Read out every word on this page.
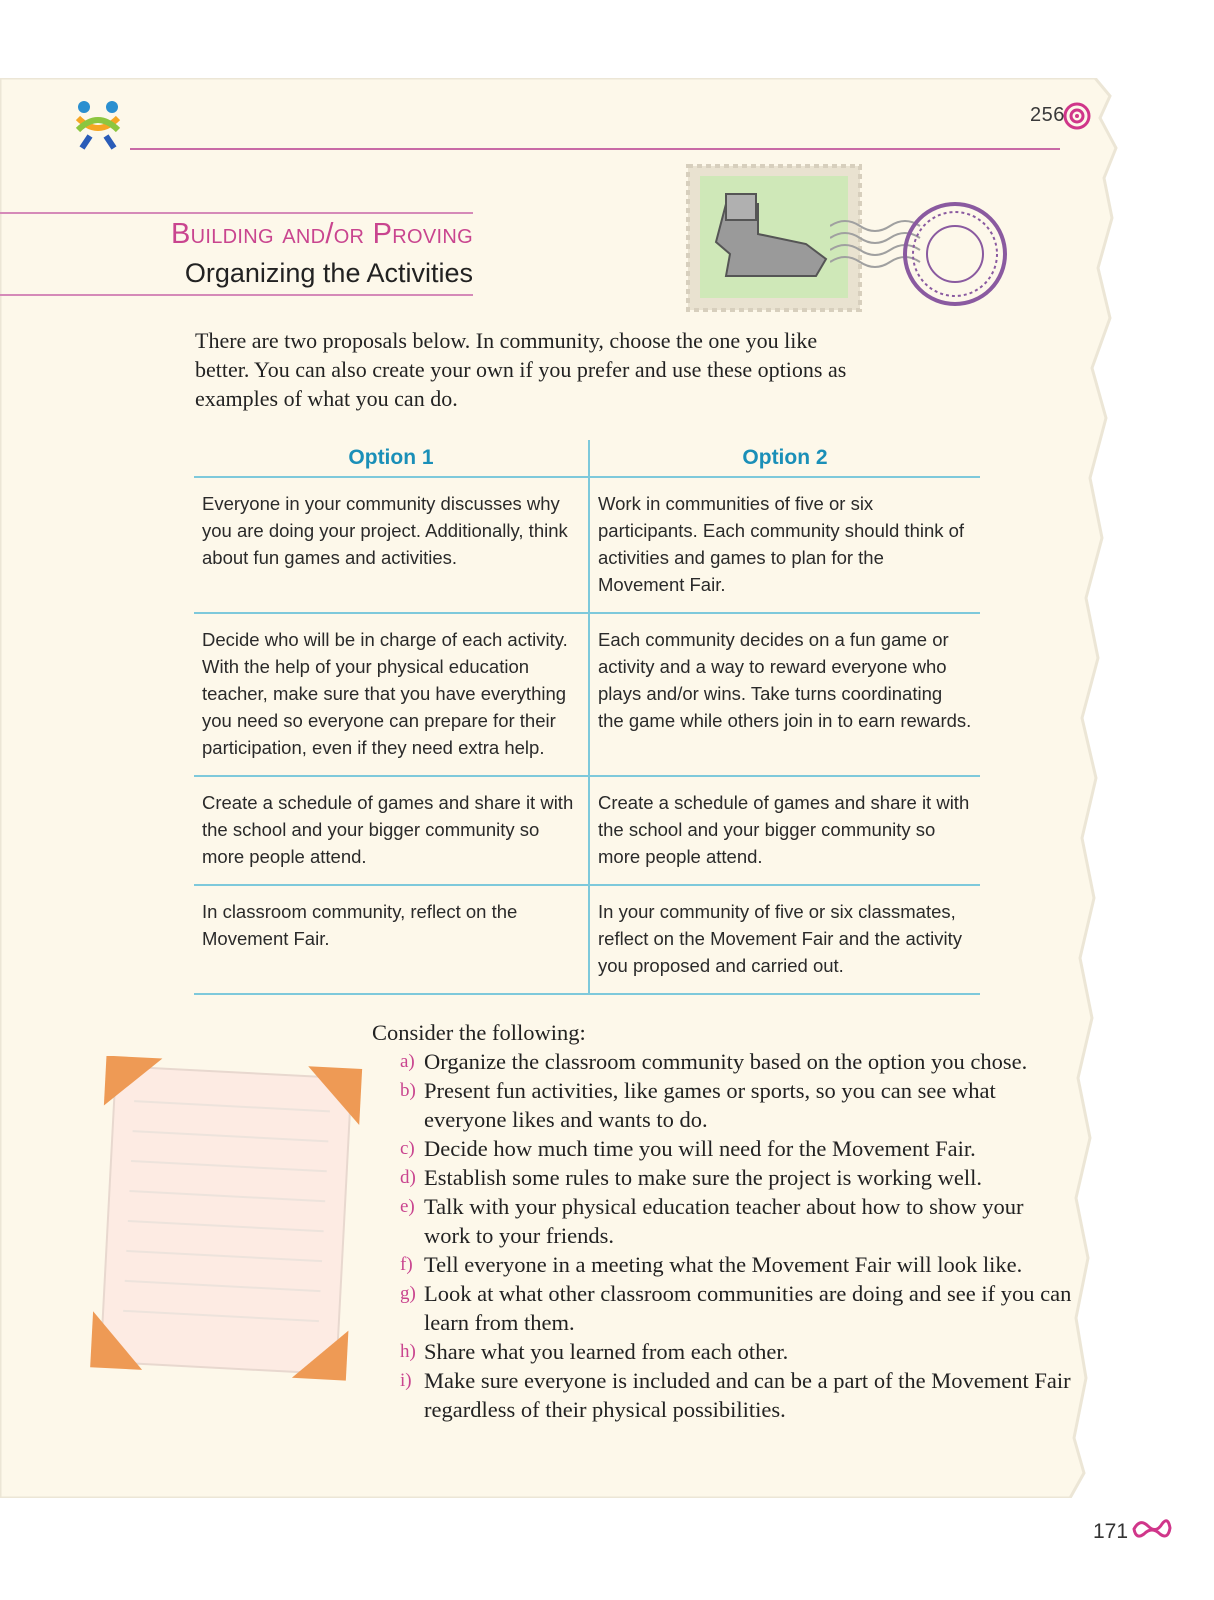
256
Building and/or Proving
Organizing the Activities
There are two proposals below. In community, choose the one you like better. You can also create your own if you prefer and use these options as examples of what you can do.
Option 1	Option 2
Everyone in your community discusses why you are doing your project. Additionally, think about fun games and activities.	Work in communities of five or six participants. Each community should think of activities and games to plan for the Movement Fair.
Decide who will be in charge of each activity. With the help of your physical education teacher, make sure that you have everything you need so everyone can prepare for their participation, even if they need extra help.	Each community decides on a fun game or activity and a way to reward everyone who plays and/or wins. Take turns coordinating the game while others join in to earn rewards.
Create a schedule of games and share it with the school and your bigger community so more people attend.	Create a schedule of games and share it with the school and your bigger community so more people attend.
In classroom community, reflect on the Movement Fair.	In your community of five or six classmates, reflect on the Movement Fair and the activity you proposed and carried out.
Consider the following:
a) Organize the classroom community based on the option you chose.
b) Present fun activities, like games or sports, so you can see what everyone likes and wants to do.
c) Decide how much time you will need for the Movement Fair.
d) Establish some rules to make sure the project is working well.
e) Talk with your physical education teacher about how to show your work to your friends.
f) Tell everyone in a meeting what the Movement Fair will look like.
g) Look at what other classroom communities are doing and see if you can learn from them.
h) Share what you learned from each other.
i) Make sure everyone is included and can be a part of the Movement Fair regardless of their physical possibilities.
171
